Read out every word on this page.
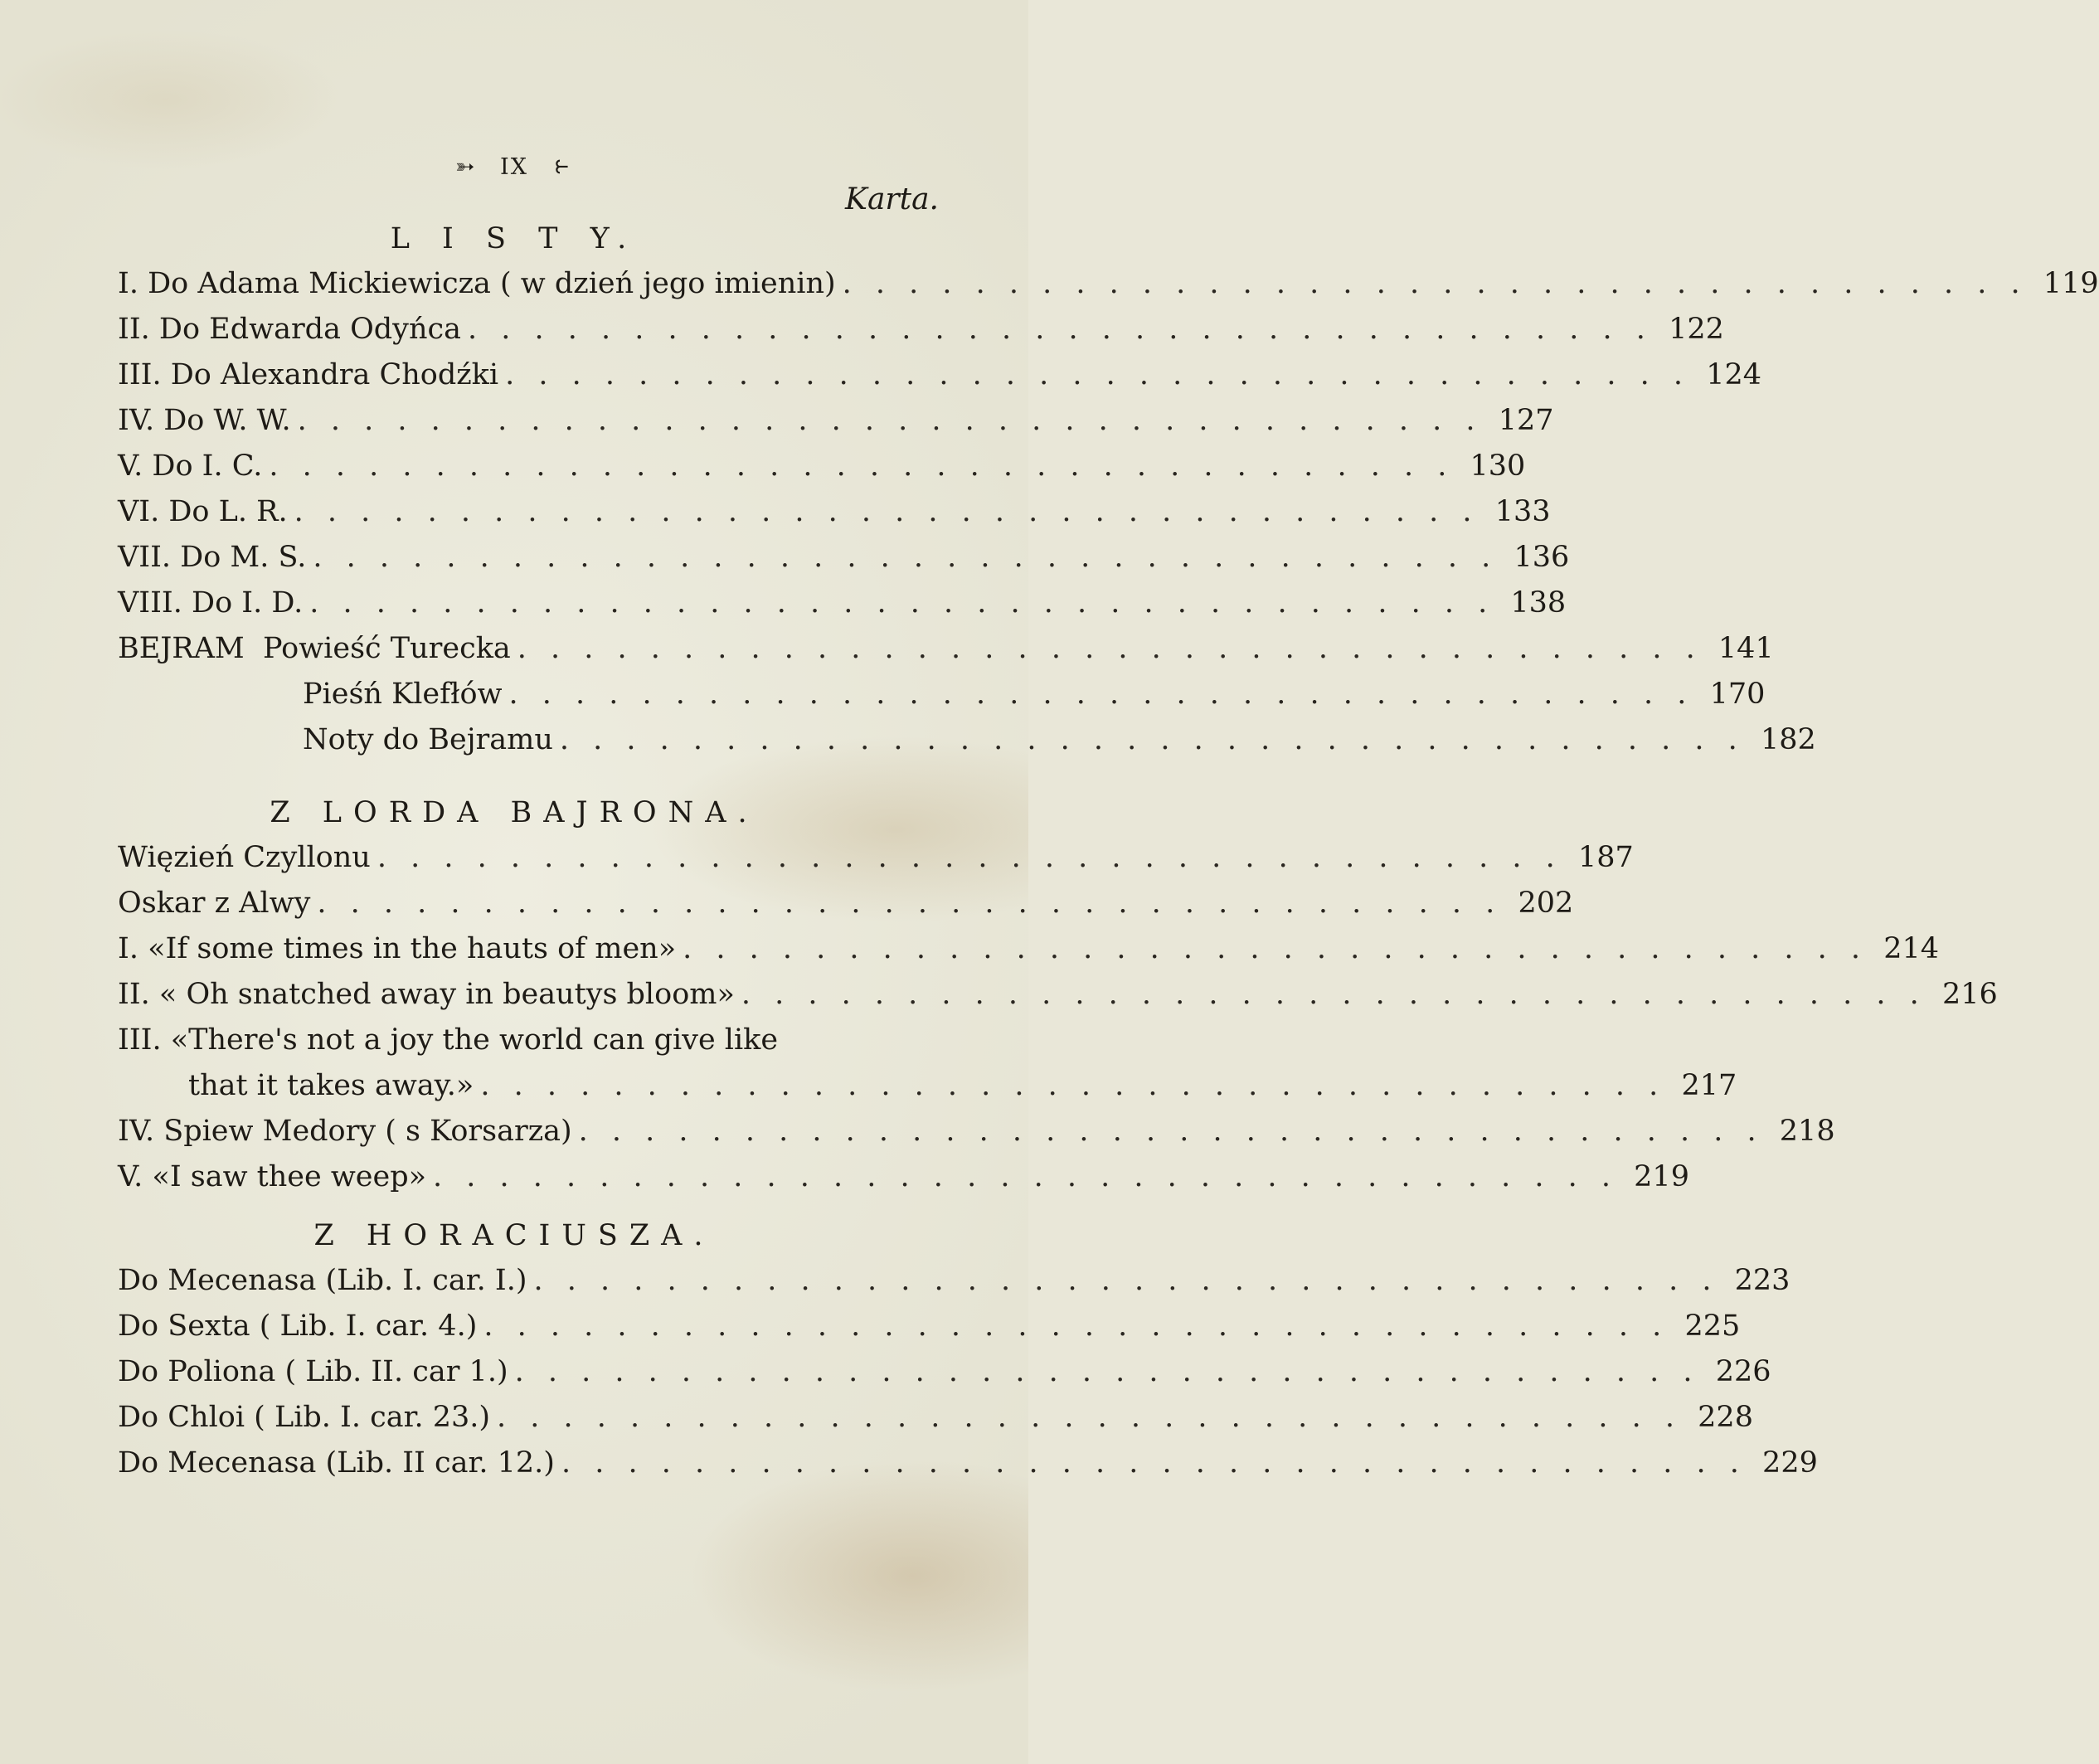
➳ IX ⥼
Karta.
L I S T Y.
I. Do Adama Mickiewicza ( w dzień jego imienin) . . . . . . . . . . . . . . . . . . . . . . . . . . . . . . . . . . . . 119
II. Do Edwarda Odyńca . . . . . . . . . . . . . . . . . . . . . . . . . . . . . . . . . . . . 122
III. Do Alexandra Chodźki . . . . . . . . . . . . . . . . . . . . . . . . . . . . . . . . . . . . 124
IV. Do W. W. . . . . . . . . . . . . . . . . . . . . . . . . . . . . . . . . . . . . 127
V. Do I. C. . . . . . . . . . . . . . . . . . . . . . . . . . . . . . . . . . . . . 130
VI. Do L. R. . . . . . . . . . . . . . . . . . . . . . . . . . . . . . . . . . . . . 133
VII. Do M. S. . . . . . . . . . . . . . . . . . . . . . . . . . . . . . . . . . . . . 136
VIII. Do I. D. . . . . . . . . . . . . . . . . . . . . . . . . . . . . . . . . . . . . 138
BEJRAM  Powieść Turecka . . . . . . . . . . . . . . . . . . . . . . . . . . . . . . . . . . . . 141
Pieśń Klefłów . . . . . . . . . . . . . . . . . . . . . . . . . . . . . . . . . . . . 170
Noty do Bejramu . . . . . . . . . . . . . . . . . . . . . . . . . . . . . . . . . . . . 182
Z LORDA BAJRONA.
Więzień Czyllonu . . . . . . . . . . . . . . . . . . . . . . . . . . . . . . . . . . . . 187
Oskar z Alwy . . . . . . . . . . . . . . . . . . . . . . . . . . . . . . . . . . . . 202
I. «If some times in the hauts of men» . . . . . . . . . . . . . . . . . . . . . . . . . . . . . . . . . . . . 214
II. « Oh snatched away in beautys bloom» . . . . . . . . . . . . . . . . . . . . . . . . . . . . . . . . . . . . 216
III. «There's not a joy the world can give like
that it takes away.» . . . . . . . . . . . . . . . . . . . . . . . . . . . . . . . . . . . . 217
IV. Spiew Medory ( s Korsarza) . . . . . . . . . . . . . . . . . . . . . . . . . . . . . . . . . . . . 218
V. «I saw thee weep» . . . . . . . . . . . . . . . . . . . . . . . . . . . . . . . . . . . . 219
Z HORACIUSZA.
Do Mecenasa (Lib. I. car. I.) . . . . . . . . . . . . . . . . . . . . . . . . . . . . . . . . . . . . 223
Do Sexta ( Lib. I. car. 4.) . . . . . . . . . . . . . . . . . . . . . . . . . . . . . . . . . . . . 225
Do Poliona ( Lib. II. car 1.) . . . . . . . . . . . . . . . . . . . . . . . . . . . . . . . . . . . . 226
Do Chloi ( Lib. I. car. 23.) . . . . . . . . . . . . . . . . . . . . . . . . . . . . . . . . . . . . 228
Do Mecenasa (Lib. II car. 12.) . . . . . . . . . . . . . . . . . . . . . . . . . . . . . . . . . . . . 229
